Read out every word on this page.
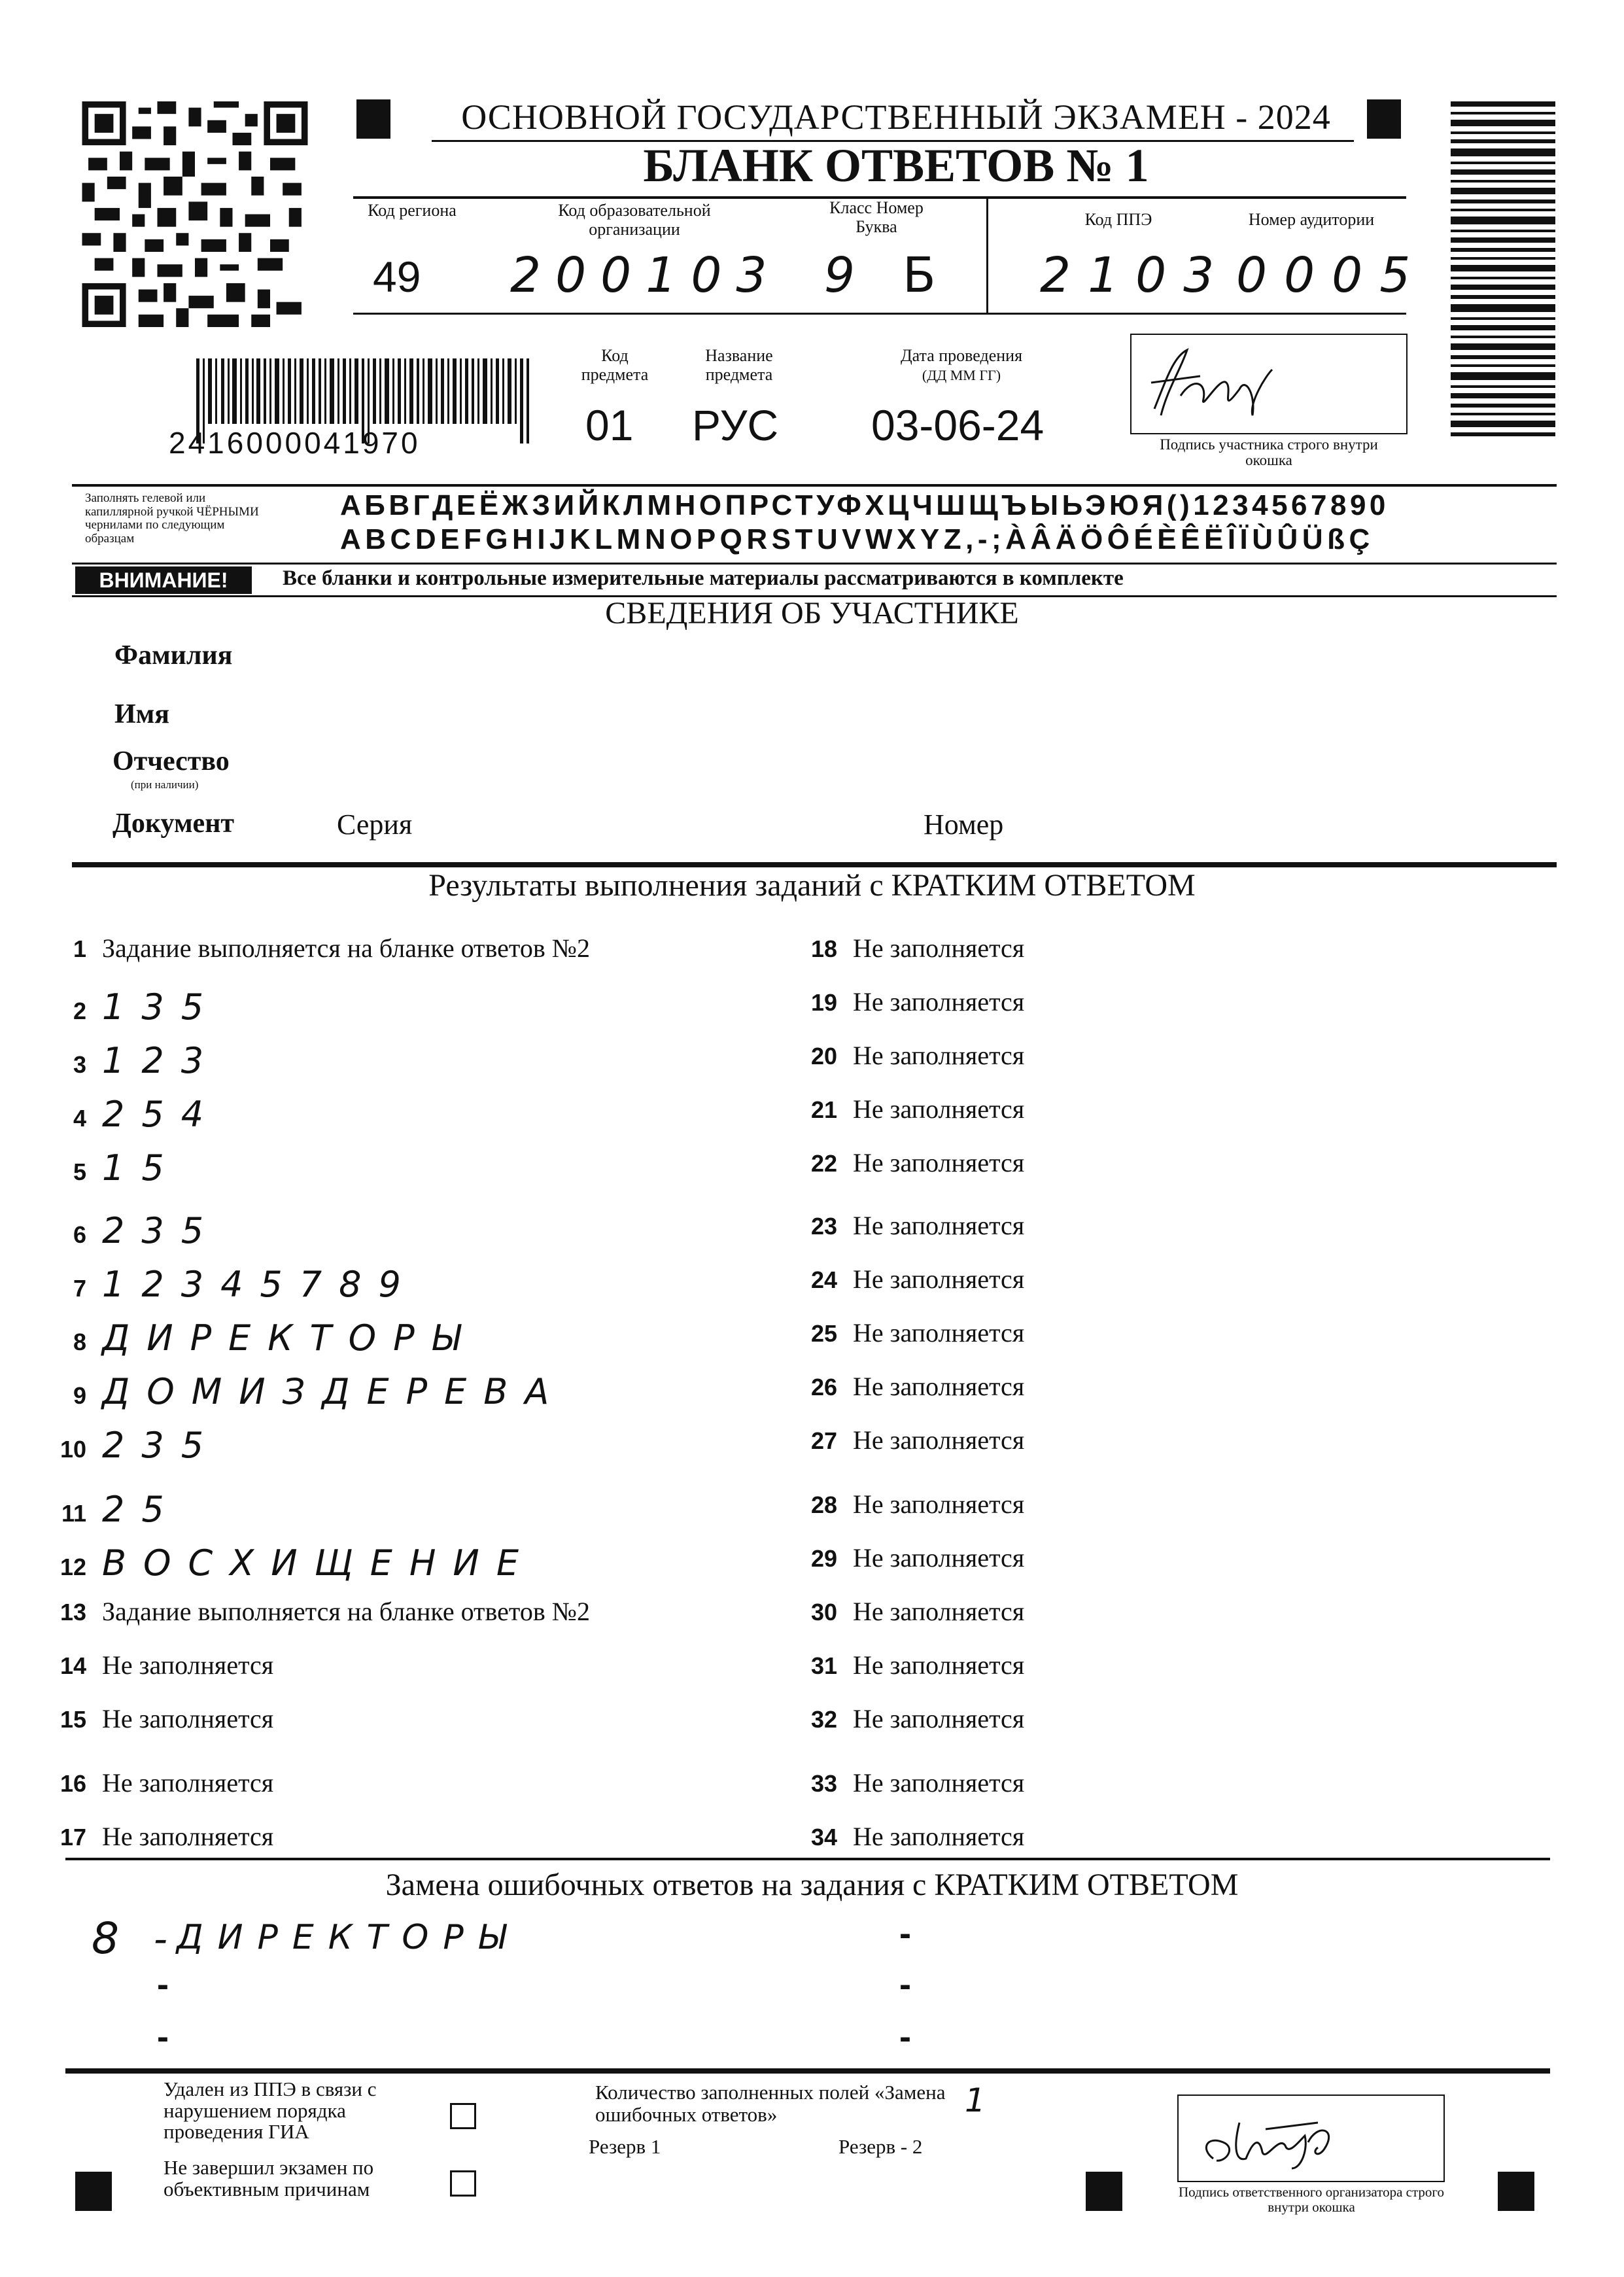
ОСНОВНОЙ ГОСУДАРСТВЕННЫЙ ЭКЗАМЕН - 2024
БЛАНК ОТВЕТОВ № 1
Код региона
49
Код образовательной организации
200103
Класс Номер Буква
9 Б
Код ППЭ
2103
Номер аудитории
0005
2416000041970
Код предмета
01
Название предмета
РУС
Дата проведения
(ДД ММ ГГ)
03-06-24	Подпись участника строго внутри окошка
Заполнять гелевой или капиллярной ручкой ЧЁРНЫМИ чернилами по следующим образцам
АБВГДЕЁЖЗИЙКЛМНОПРСТУФХЦЧШЩЪЫЬЭЮЯ()1234567890
ABCDEFGHIJKLMNOPQRSTUVWXYZ,-;ÀÂÄÖÔÉÈÊËÎÏÙÛÜßÇ
ВНИМАНИЕ!	Все бланки и контрольные измерительные материалы рассматриваются в комплекте
СВЕДЕНИЯ ОБ УЧАСТНИКЕ
Фамилия
Имя
Отчество
(при наличии)
Документ	Серия	Номер
Результаты выполнения заданий с КРАТКИМ ОТВЕТОМ
1 Задание выполняется на бланке ответов №2
2 135
3 123
4 254
5 15
6 235
7 12345789
8 ДИРЕКТОРЫ
9 ДОМИЗДЕРЕВА
10 235
11 25
12 ВОСХИЩЕНИЕ
13 Задание выполняется на бланке ответов №2
14 Не заполняется
15 Не заполняется
16 Не заполняется
17 Не заполняется
18 Не заполняется
19 Не заполняется
20 Не заполняется
21 Не заполняется
22 Не заполняется
23 Не заполняется
24 Не заполняется
25 Не заполняется
26 Не заполняется
27 Не заполняется
28 Не заполняется
29 Не заполняется
30 Не заполняется
31 Не заполняется
32 Не заполняется
33 Не заполняется
34 Не заполняется
Замена ошибочных ответов на задания с КРАТКИМ ОТВЕТОМ
8 - ДИРЕКТОРЫ	-
-	-
-	-
Удален из ППЭ в связи с нарушением порядка проведения ГИА
Не завершил экзамен по объективным причинам
Количество заполненных полей «Замена ошибочных ответов»	1
Резерв 1	Резерв - 2
Подпись ответственного организатора строго внутри окошка
